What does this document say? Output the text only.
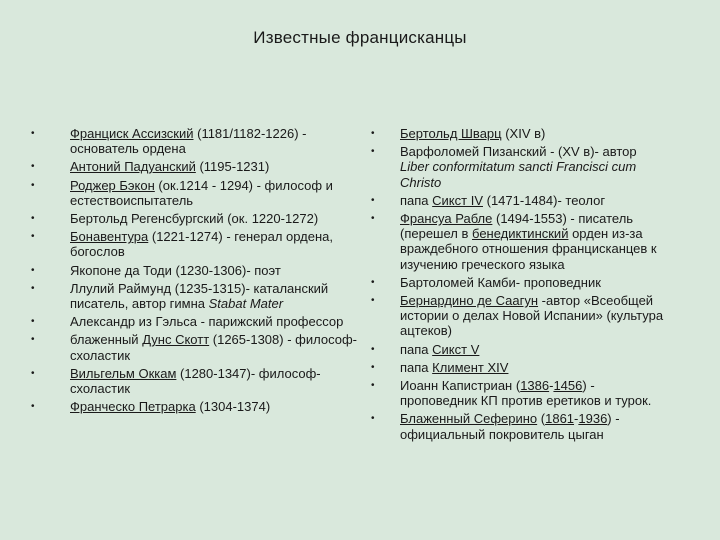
Известные францисканцы
•	Франциск Ассизский (1181/1182-1226) - основатель ордена
•	Антоний Падуанский (1195-1231)
•	Роджер Бэкон (ок.1214 - 1294) - философ и естествоиспытатель
•	Бертольд Регенсбургский (ок. 1220-1272)
•	Бонавентура (1221-1274) - генерал ордена, богослов
•	Якопоне да Тоди (1230-1306)- поэт
•	Ллулий Раймунд (1235-1315)- каталанский писатель, автор гимна Stabat Mater
•	Александр из Гэльса - парижский профессор
•	блаженный Дунс Скотт (1265-1308) - философ-схоластик
•	Вильгельм Оккам (1280-1347)- философ-схоластик
•	Франческо Петрарка (1304-1374)
• Бертольд Шварц (XIV в)
• Варфоломей Пизанский - (XV в)- автор Liber conformitatum sancti Francisci cum Christo
• папа Сикст IV (1471-1484)- теолог
• Франсуа Рабле (1494-1553) - писатель (перешел в бенедиктинский орден из-за враждебного отношения францисканцев к изучению греческого языка
• Бартоломей Камби- проповедник
• Бернардино де Саагун -автор «Всеобщей истории о делах Новой Испании» (культура ацтеков)
• папа Сикст V
• папа Климент XIV
• Иоанн Капистриан (1386-1456) - проповедник КП против еретиков и турок.
• Блаженный Сеферино (1861-1936) - официальный покровитель цыган
